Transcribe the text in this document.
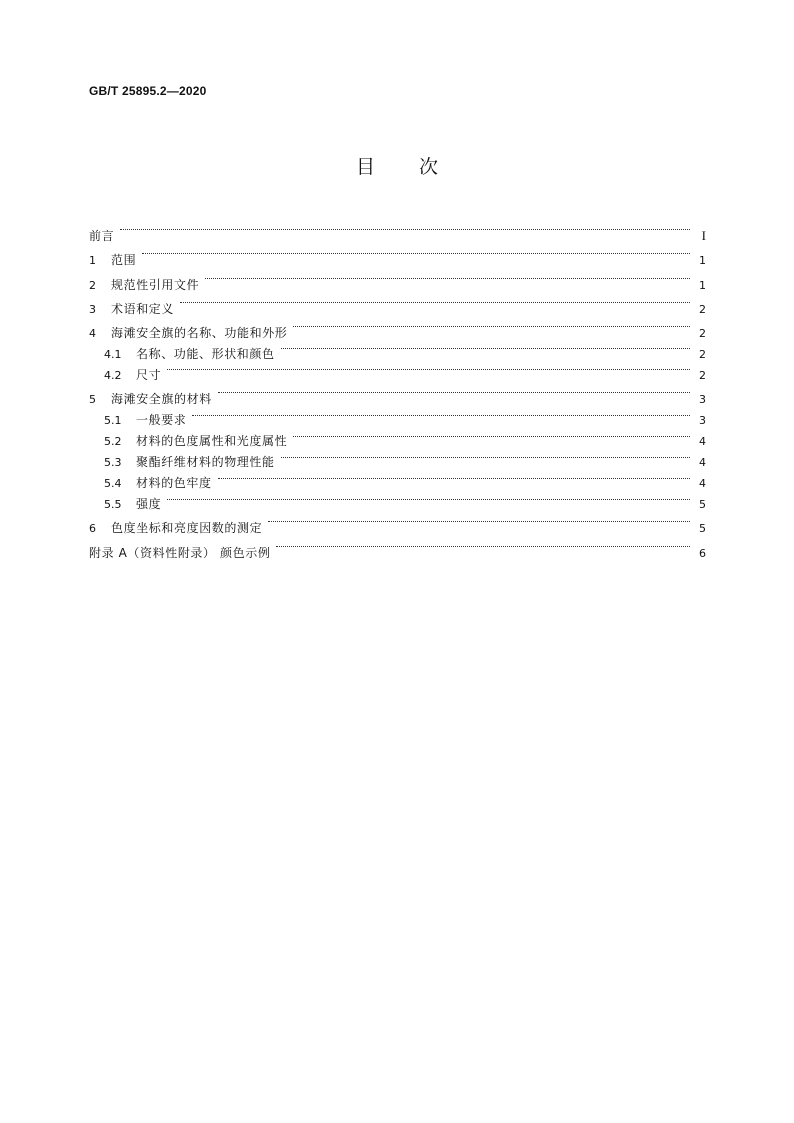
GB/T 25895.2—2020
目次
前言	I
1	范围	1
2	规范性引用文件	1
3	术语和定义	2
4	海滩安全旗的名称、功能和外形	2
4.1	名称、功能、形状和颜色	2
4.2	尺寸	2
5	海滩安全旗的材料	3
5.1	一般要求	3
5.2	材料的色度属性和光度属性	4
5.3	聚酯纤维材料的物理性能	4
5.4	材料的色牢度	4
5.5	强度	5
6	色度坐标和亮度因数的测定	5
附录 A（资料性附录） 颜色示例	6
